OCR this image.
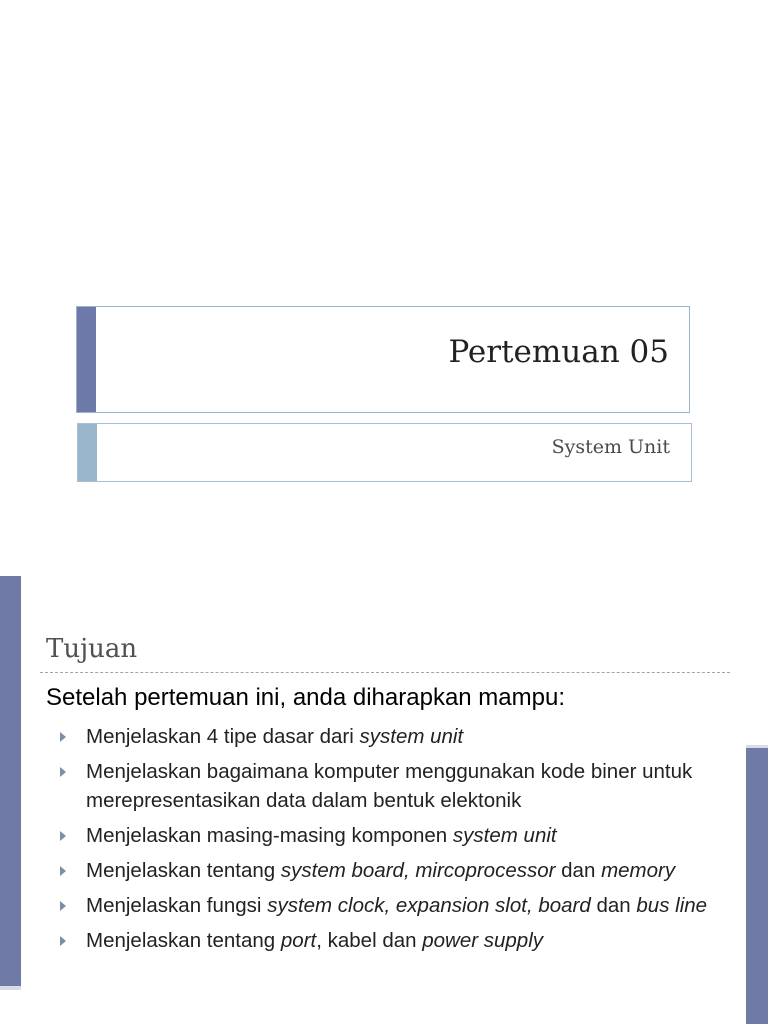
Pertemuan 05
System Unit
Tujuan
Setelah pertemuan ini, anda diharapkan mampu:
Menjelaskan 4 tipe dasar dari system unit
Menjelaskan bagaimana komputer menggunakan kode biner untuk merepresentasikan data dalam bentuk elektonik
Menjelaskan masing-masing komponen system unit
Menjelaskan tentang system board, mircoprocessor dan memory
Menjelaskan fungsi system clock, expansion slot, board dan bus line
Menjelaskan tentang port, kabel dan power supply
